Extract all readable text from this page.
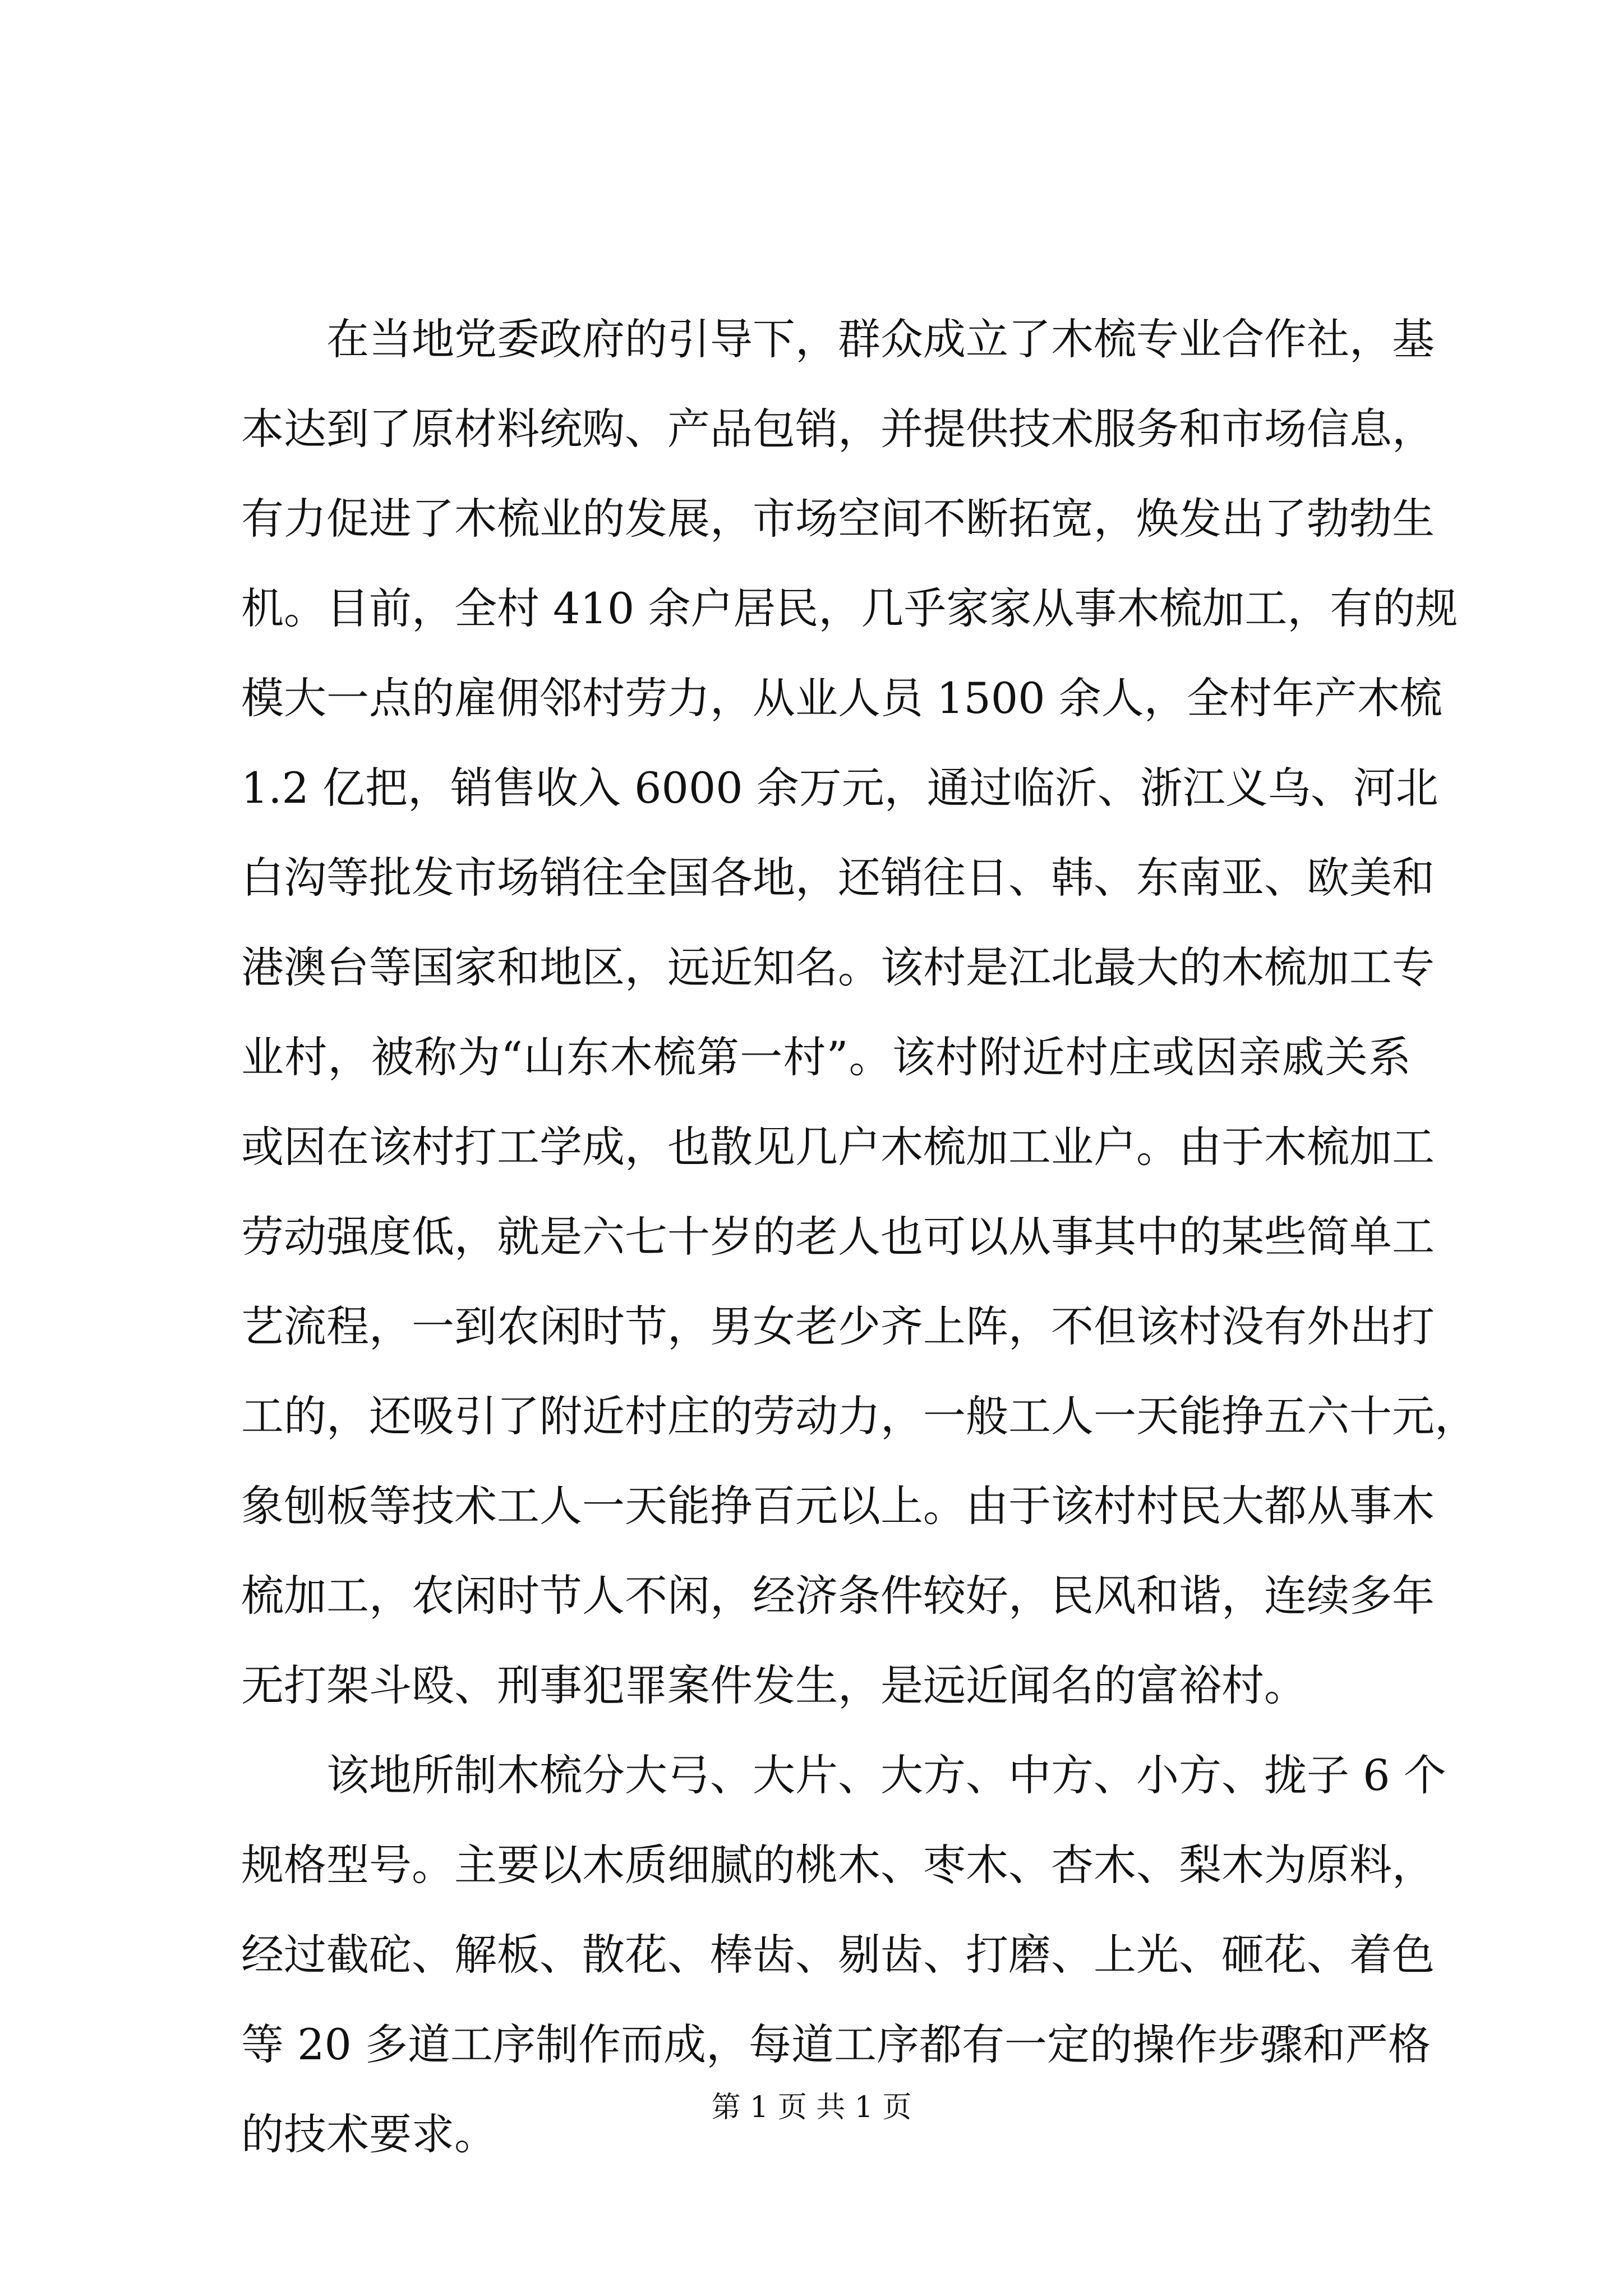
在当地党委政府的引导下，群众成立了木梳专业合作社，基
本达到了原材料统购、产品包销，并提供技术服务和市场信息，
有力促进了木梳业的发展，市场空间不断拓宽，焕发出了勃勃生
机。目前，全村 410 余户居民，几乎家家从事木梳加工，有的规
模大一点的雇佣邻村劳力，从业人员 1500 余人，全村年产木梳
1.2 亿把，销售收入 6000 余万元，通过临沂、浙江义乌、河北
白沟等批发市场销往全国各地，还销往日、韩、东南亚、欧美和
港澳台等国家和地区，远近知名。该村是江北最大的木梳加工专
业村，被称为“山东木梳第一村”。该村附近村庄或因亲戚关系
或因在该村打工学成，也散见几户木梳加工业户。由于木梳加工
劳动强度低，就是六七十岁的老人也可以从事其中的某些简单工
艺流程，一到农闲时节，男女老少齐上阵，不但该村没有外出打
工的，还吸引了附近村庄的劳动力，一般工人一天能挣五六十元，
象刨板等技术工人一天能挣百元以上。由于该村村民大都从事木
梳加工，农闲时节人不闲，经济条件较好，民风和谐，连续多年
无打架斗殴、刑事犯罪案件发生，是远近闻名的富裕村。
该地所制木梳分大弓、大片、大方、中方、小方、拢子 6 个
规格型号。主要以木质细腻的桃木、枣木、杏木、梨木为原料，
经过截砣、解板、散花、棒齿、剔齿、打磨、上光、砸花、着色
等 20 多道工序制作而成，每道工序都有一定的操作步骤和严格
的技术要求。
第 1 页 共 1 页
